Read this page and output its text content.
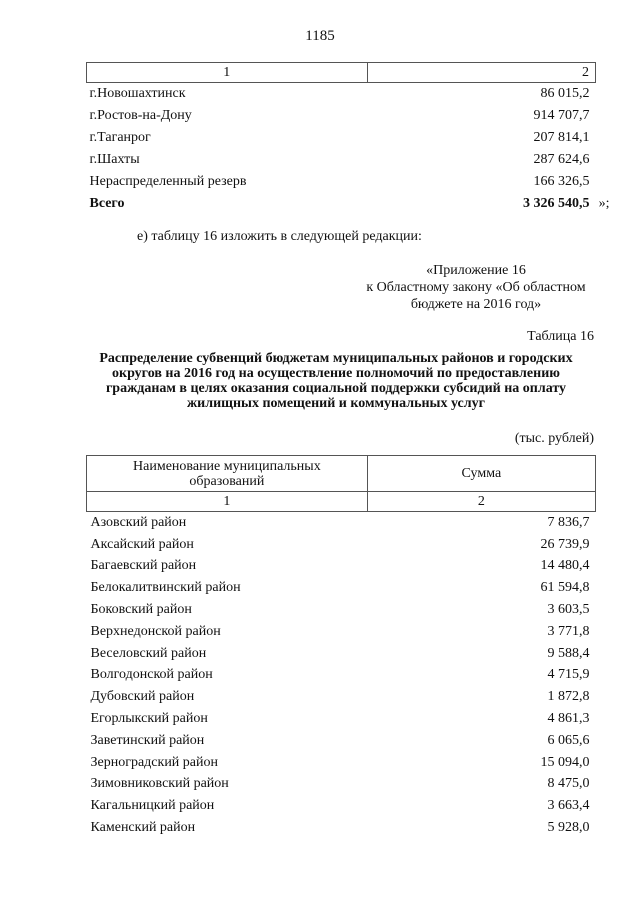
1185
1	2
г.Новошахтинск	86 015,2
г.Ростов-на-Дону	914 707,7
г.Таганрог	207 814,1
г.Шахты	287 624,6
Нераспределенный резерв	166 326,5
Всего	3 326 540,5 »;
е) таблицу 16 изложить в следующей редакции:
«Приложение 16
к Областному закону «Об областном
бюджете на 2016 год»
Таблица 16
Распределение субвенций бюджетам муниципальных районов и городских округов на 2016 год на осуществление полномочий по предоставлению гражданам в целях оказания социальной поддержки субсидий на оплату жилищных помещений и коммунальных услуг
(тыс. рублей)
Наименование муниципальных образований	Сумма
1	2
Азовский район	7 836,7
Аксайский район	26 739,9
Багаевский район	14 480,4
Белокалитвинский район	61 594,8
Боковский район	3 603,5
Верхнедонской район	3 771,8
Веселовский район	9 588,4
Волгодонской район	4 715,9
Дубовский район	1 872,8
Егорлыкский район	4 861,3
Заветинский район	6 065,6
Зерноградский район	15 094,0
Зимовниковский район	8 475,0
Кагальницкий район	3 663,4
Каменский район	5 928,0
